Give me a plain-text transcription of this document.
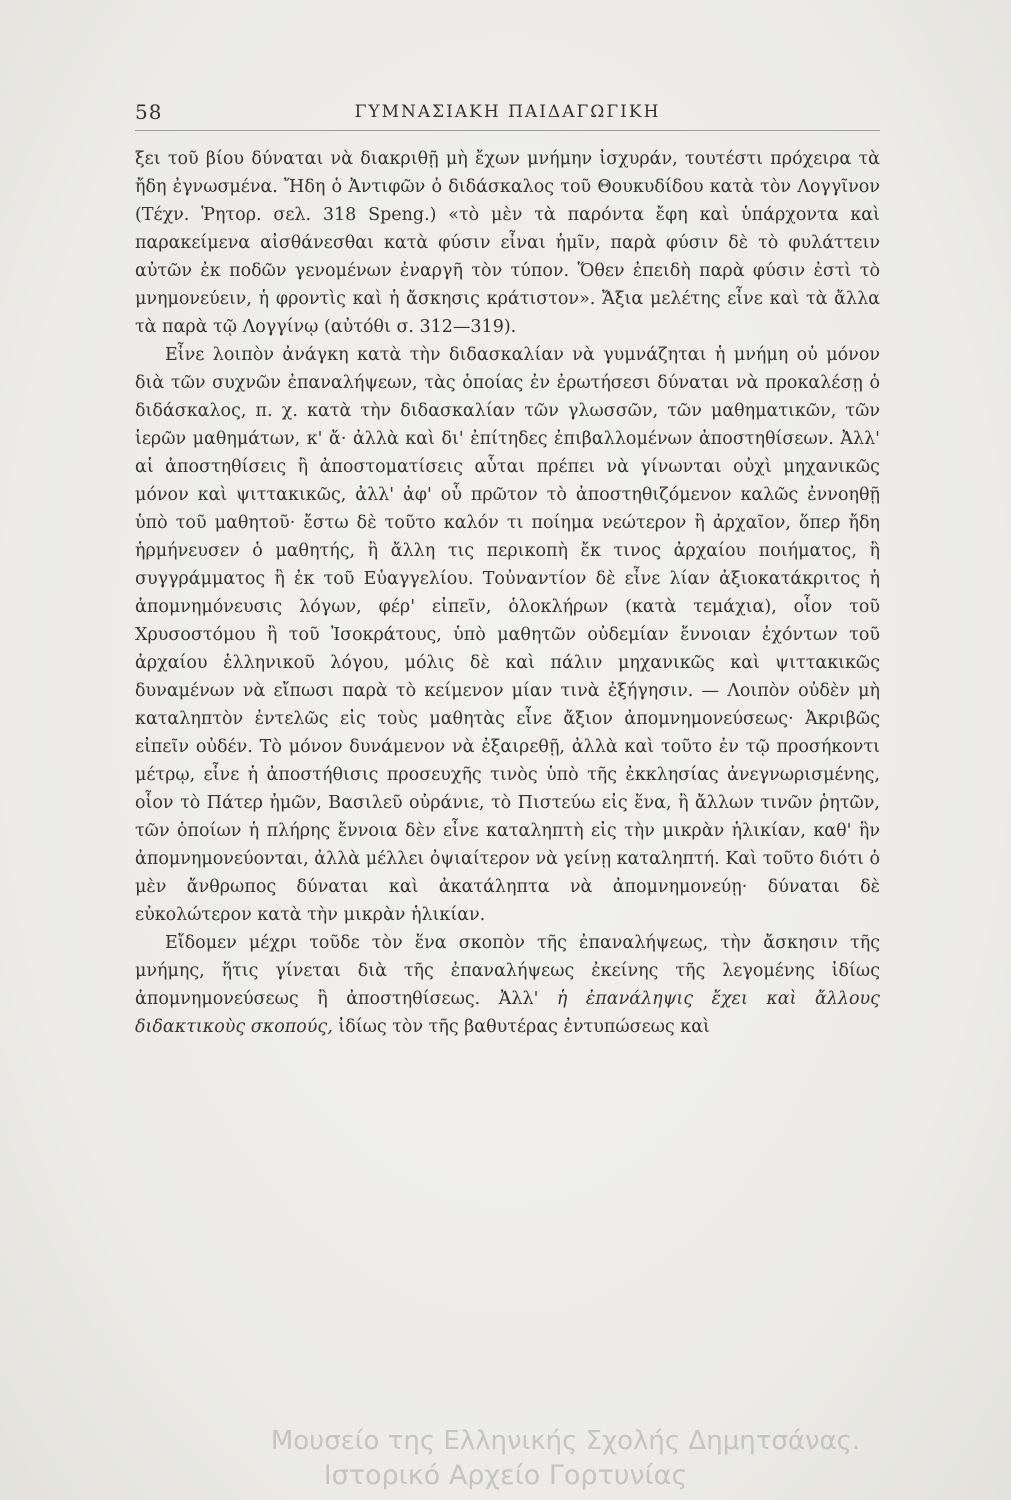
58	ΓΥΜΝΑΣΙΑΚΗ ΠΑΙΔΑΓΩΓΙΚΗ

ξει τοῦ βίου δύναται νὰ διακριθῇ μὴ ἔχων μνήμην ἰσχυράν, τουτέστι πρόχειρα τὰ ἤδη ἐγνωσμένα. Ἤδη ὁ Ἀντιφῶν ὁ διδάσκαλος τοῦ Θουκυδίδου κατὰ τὸν Λογγῖνον (Τέχν. Ῥητορ. σελ. 318 Speng.) «τὸ μὲν τὰ παρόντα ἔφη καὶ ὑπάρχοντα καὶ παρακείμενα αἰσθάνεσθαι κατὰ φύσιν εἶναι ἡμῖν, παρὰ φύσιν δὲ τὸ φυλάττειν αὐτῶν ἐκ ποδῶν γενομένων ἐναργῆ τὸν τύπον. Ὅθεν ἐπειδὴ παρὰ φύσιν ἐστὶ τὸ μνημονεύειν, ἡ φροντὶς καὶ ἡ ἄσκησις κράτιστον». Ἄξια μελέτης εἶνε καὶ τὰ ἄλλα τὰ παρὰ τῷ Λογγίνῳ (αὐτόθι σ. 312—319).

Εἶνε λοιπὸν ἀνάγκη κατὰ τὴν διδασκαλίαν νὰ γυμνάζηται ἡ μνήμη οὐ μόνον διὰ τῶν συχνῶν ἐπαναλήψεων, τὰς ὁποίας ἐν ἐρωτήσεσι δύναται νὰ προκαλέσῃ ὁ διδάσκαλος, π. χ. κατὰ τὴν διδασκαλίαν τῶν γλωσσῶν, τῶν μαθηματικῶν, τῶν ἱερῶν μαθημάτων, κ' ἄ· ἀλλὰ καὶ δι' ἐπίτηδες ἐπιβαλλομένων ἀποστηθίσεων. Ἀλλ' αἱ ἀποστηθίσεις ἢ ἀποστοματίσεις αὗται πρέπει νὰ γίνωνται οὐχὶ μηχανικῶς μόνον καὶ ψιττακικῶς, ἀλλ' ἀφ' οὗ πρῶτον τὸ ἀποστηθιζόμενον καλῶς ἐννοηθῇ ὑπὸ τοῦ μαθητοῦ· ἔστω δὲ τοῦτο καλόν τι ποίημα νεώτερον ἢ ἀρχαῖον, ὅπερ ἤδη ἡρμήνευσεν ὁ μαθητής, ἢ ἄλλη τις περικοπὴ ἔκ τινος ἀρχαίου ποιήματος, ἢ συγγράμματος ἢ ἐκ τοῦ Εὐαγγελίου. Τοὐναντίον δὲ εἶνε λίαν ἀξιοκατάκριτος ἡ ἀπομνημόνευσις λόγων, φέρ' εἰπεῖν, ὁλοκλήρων (κατὰ τεμάχια), οἷον τοῦ Χρυσοστόμου ἢ τοῦ Ἰσοκράτους, ὑπὸ μαθητῶν οὐδεμίαν ἔννοιαν ἐχόντων τοῦ ἀρχαίου ἑλληνικοῦ λόγου, μόλις δὲ καὶ πάλιν μηχανικῶς καὶ ψιττακικῶς δυναμένων νὰ εἴπωσι παρὰ τὸ κείμενον μίαν τινὰ ἐξήγησιν. — Λοιπὸν οὐδὲν μὴ καταληπτὸν ἐντελῶς εἰς τοὺς μαθητὰς εἶνε ἄξιον ἀπομνημονεύσεως· Ἀκριβῶς εἰπεῖν οὐδέν. Τὸ μόνον δυνάμενον νὰ ἐξαιρεθῇ, ἀλλὰ καὶ τοῦτο ἐν τῷ προσήκοντι μέτρῳ, εἶνε ἡ ἀποστήθισις προσευχῆς τινὸς ὑπὸ τῆς ἐκκλησίας ἀνεγνωρισμένης, οἷον τὸ Πάτερ ἡμῶν, Βασιλεῦ οὐράνιε, τὸ Πιστεύω εἰς ἕνα, ἢ ἄλλων τινῶν ῥητῶν, τῶν ὁποίων ἡ πλήρης ἔννοια δὲν εἶνε καταληπτὴ εἰς τὴν μικρὰν ἡλικίαν, καθ' ἣν ἀπομνημονεύονται, ἀλλὰ μέλλει ὀψιαίτερον νὰ γείνῃ καταληπτή. Καὶ τοῦτο διότι ὁ μὲν ἄνθρωπος δύναται καὶ ἀκατάληπτα νὰ ἀπομνημονεύῃ· δύναται δὲ εὐκολώτερον κατὰ τὴν μικρὰν ἡλικίαν.

Εἴδομεν μέχρι τοῦδε τὸν ἕνα σκοπὸν τῆς ἐπαναλήψεως, τὴν ἄσκησιν τῆς μνήμης, ἥτις γίνεται διὰ τῆς ἐπαναλήψεως ἐκείνης τῆς λεγομένης ἰδίως ἀπομνημονεύσεως ἢ ἀποστηθίσεως. Ἀλλ' ἡ ἐπανάληψις ἔχει καὶ ἄλλους διδακτικοὺς σκοπούς, ἰδίως τὸν τῆς βαθυτέρας ἐντυπώσεως καὶ

Μουσείο της Ελληνικής Σχολής Δημητσάνας.
Ιστορικό Αρχείο Γορτυνίας
